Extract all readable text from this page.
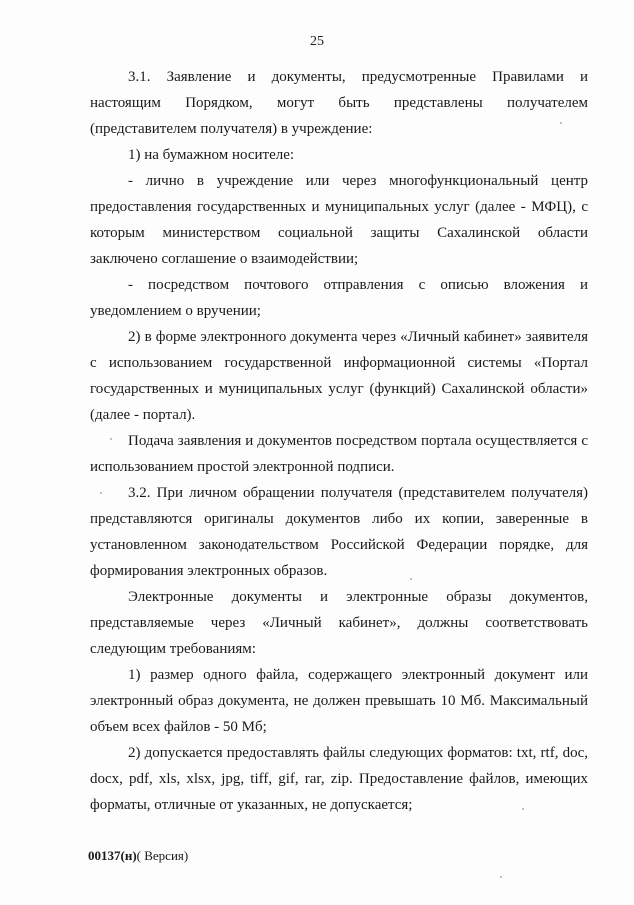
25

3.1. Заявление и документы, предусмотренные Правилами и настоящим Порядком, могут быть представлены получателем (представителем получателя) в учреждение:

1) на бумажном носителе:

- лично в учреждение или через многофункциональный центр предоставления государственных и муниципальных услуг (далее - МФЦ), с которым министерством социальной защиты Сахалинской области заключено соглашение о взаимодействии;

- посредством почтового отправления с описью вложения и уведомлением о вручении;

2) в форме электронного документа через «Личный кабинет» заявителя с использованием государственной информационной системы «Портал государственных и муниципальных услуг (функций) Сахалинской области» (далее - портал).

Подача заявления и документов посредством портала осуществляется с использованием простой электронной подписи.

3.2. При личном обращении получателя (представителем получателя) представляются оригиналы документов либо их копии, заверенные в установленном законодательством Российской Федерации порядке, для формирования электронных образов.

Электронные документы и электронные образы документов, представляемые через «Личный кабинет», должны соответствовать следующим требованиям:

1) размер одного файла, содержащего электронный документ или электронный образ документа, не должен превышать 10 Мб. Максимальный объем всех файлов - 50 Мб;

2) допускается предоставлять файлы следующих форматов: txt, rtf, doc, docx, pdf, xls, xlsx, jpg, tiff, gif, rar, zip. Предоставление файлов, имеющих форматы, отличные от указанных, не допускается;

00137(н)( Версия)
